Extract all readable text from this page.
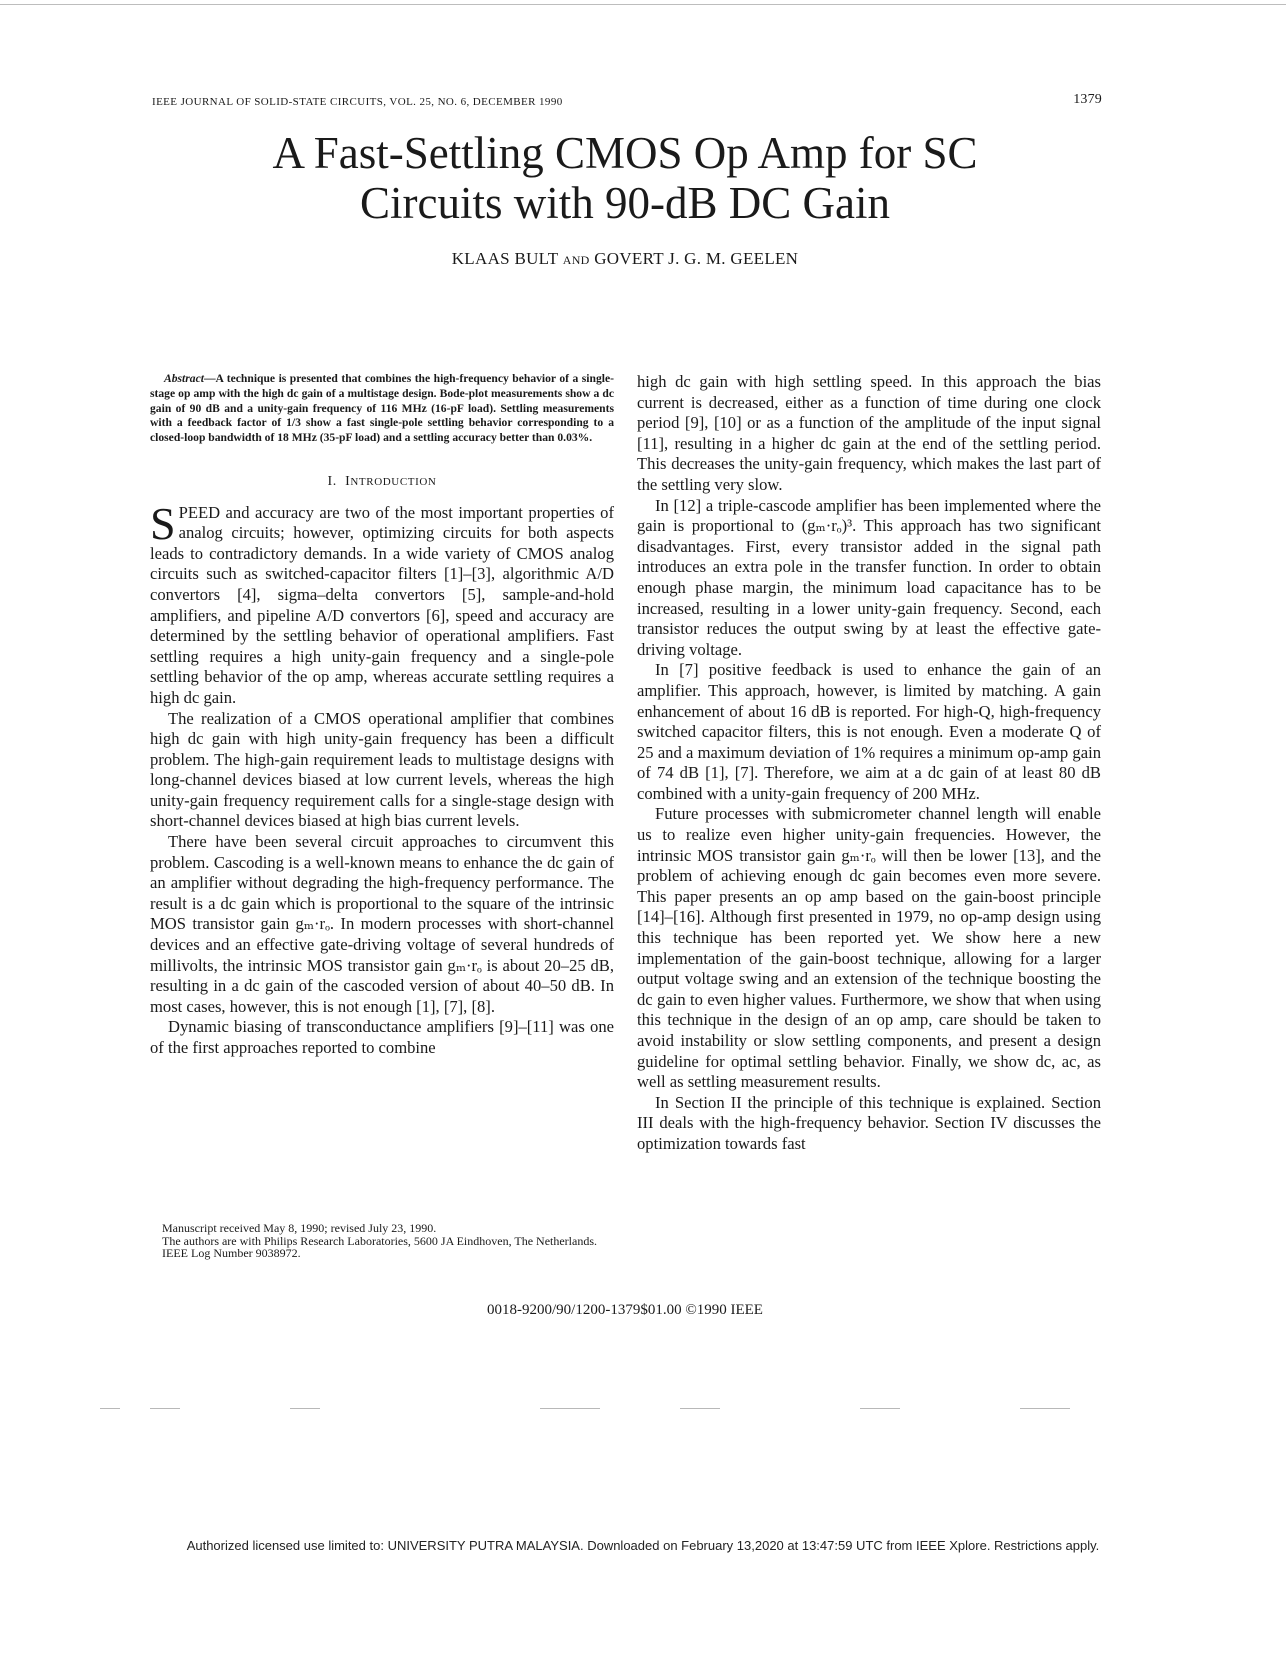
IEEE JOURNAL OF SOLID-STATE CIRCUITS, VOL. 25, NO. 6, DECEMBER 1990	1379
A Fast-Settling CMOS Op Amp for SC
Circuits with 90-dB DC Gain
KLAAS BULT AND GOVERT J. G. M. GEELEN

Abstract—A technique is presented that combines the high-frequency behavior of a single-stage op amp with the high dc gain of a multistage design. Bode-plot measurements show a dc gain of 90 dB and a unity-gain frequency of 116 MHz (16-pF load). Settling measurements with a feedback factor of 1/3 show a fast single-pole settling behavior corresponding to a closed-loop bandwidth of 18 MHz (35-pF load) and a settling accuracy better than 0.03%.

I. INTRODUCTION

SPEED and accuracy are two of the most important properties of analog circuits; however, optimizing circuits for both aspects leads to contradictory demands. In a wide variety of CMOS analog circuits such as switched-capacitor filters [1]–[3], algorithmic A/D convertors [4], sigma–delta convertors [5], sample-and-hold amplifiers, and pipeline A/D convertors [6], speed and accuracy are determined by the settling behavior of operational amplifiers. Fast settling requires a high unity-gain frequency and a single-pole settling behavior of the op amp, whereas accurate settling requires a high dc gain.

The realization of a CMOS operational amplifier that combines high dc gain with high unity-gain frequency has been a difficult problem. The high-gain requirement leads to multistage designs with long-channel devices biased at low current levels, whereas the high unity-gain frequency requirement calls for a single-stage design with short-channel devices biased at high bias current levels.

There have been several circuit approaches to circumvent this problem. Cascoding is a well-known means to enhance the dc gain of an amplifier without degrading the high-frequency performance. The result is a dc gain which is proportional to the square of the intrinsic MOS transistor gain gₘ·rₒ. In modern processes with short-channel devices and an effective gate-driving voltage of several hundreds of millivolts, the intrinsic MOS transistor gain gₘ·rₒ is about 20–25 dB, resulting in a dc gain of the cascoded version of about 40–50 dB. In most cases, however, this is not enough [1], [7], [8].

Dynamic biasing of transconductance amplifiers [9]–[11] was one of the first approaches reported to combine

high dc gain with high settling speed. In this approach the bias current is decreased, either as a function of time during one clock period [9], [10] or as a function of the amplitude of the input signal [11], resulting in a higher dc gain at the end of the settling period. This decreases the unity-gain frequency, which makes the last part of the settling very slow.

In [12] a triple-cascode amplifier has been implemented where the gain is proportional to (gₘ·rₒ)³. This approach has two significant disadvantages. First, every transistor added in the signal path introduces an extra pole in the transfer function. In order to obtain enough phase margin, the minimum load capacitance has to be increased, resulting in a lower unity-gain frequency. Second, each transistor reduces the output swing by at least the effective gate-driving voltage.

In [7] positive feedback is used to enhance the gain of an amplifier. This approach, however, is limited by matching. A gain enhancement of about 16 dB is reported. For high-Q, high-frequency switched capacitor filters, this is not enough. Even a moderate Q of 25 and a maximum deviation of 1% requires a minimum op-amp gain of 74 dB [1], [7]. Therefore, we aim at a dc gain of at least 80 dB combined with a unity-gain frequency of 200 MHz.

Future processes with submicrometer channel length will enable us to realize even higher unity-gain frequencies. However, the intrinsic MOS transistor gain gₘ·rₒ will then be lower [13], and the problem of achieving enough dc gain becomes even more severe. This paper presents an op amp based on the gain-boost principle [14]–[16]. Although first presented in 1979, no op-amp design using this technique has been reported yet. We show here a new implementation of the gain-boost technique, allowing for a larger output voltage swing and an extension of the technique boosting the dc gain to even higher values. Furthermore, we show that when using this technique in the design of an op amp, care should be taken to avoid instability or slow settling components, and present a design guideline for optimal settling behavior. Finally, we show dc, ac, as well as settling measurement results.

In Section II the principle of this technique is explained. Section III deals with the high-frequency behavior. Section IV discusses the optimization towards fast

Manuscript received May 8, 1990; revised July 23, 1990.
The authors are with Philips Research Laboratories, 5600 JA Eindhoven, The Netherlands.
IEEE Log Number 9038972.
0018-9200/90/1200-1379$01.00 ©1990 IEEE
Authorized licensed use limited to: UNIVERSITY PUTRA MALAYSIA. Downloaded on February 13,2020 at 13:47:59 UTC from IEEE Xplore. Restrictions apply.
